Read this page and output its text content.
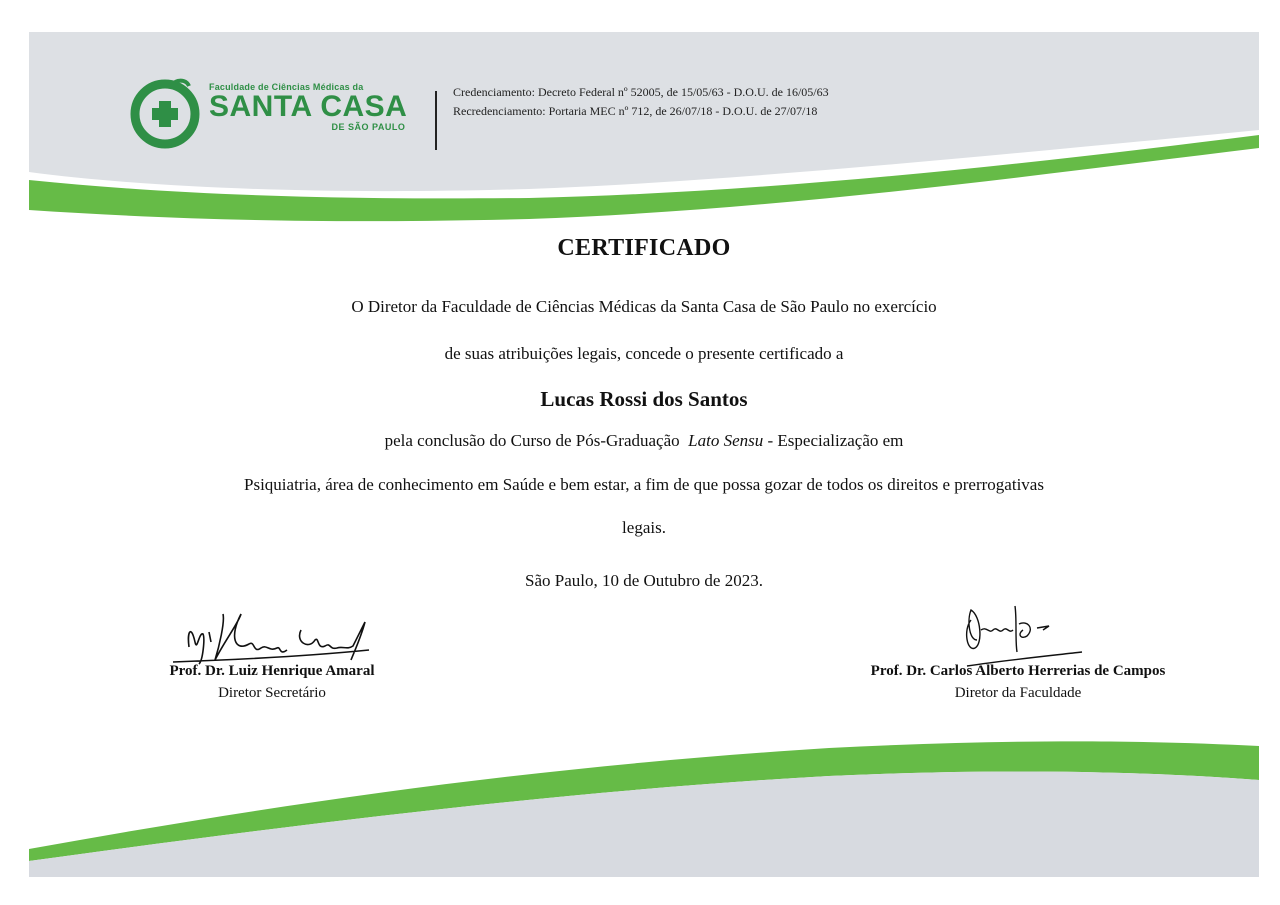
Faculdade de Ciências Médicas da
SANTA CASA
DE SÃO PAULO
Credenciamento: Decreto Federal nº 52005, de 15/05/63 - D.O.U. de 16/05/63
Recredenciamento: Portaria MEC nº 712, de 26/07/18 - D.O.U. de 27/07/18
CERTIFICADO
O Diretor da Faculdade de Ciências Médicas da Santa Casa de São Paulo no exercício
de suas atribuições legais, concede o presente certificado a
Lucas Rossi dos Santos
pela conclusão do Curso de Pós-Graduação Lato Sensu - Especialização em
Psiquiatria, área de conhecimento em Saúde e bem estar, a fim de que possa gozar de todos os direitos e prerrogativas
legais.
São Paulo, 10 de Outubro de 2023.
Prof. Dr. Luiz Henrique Amaral
Diretor Secretário
Prof. Dr. Carlos Alberto Herrerias de Campos
Diretor da Faculdade
